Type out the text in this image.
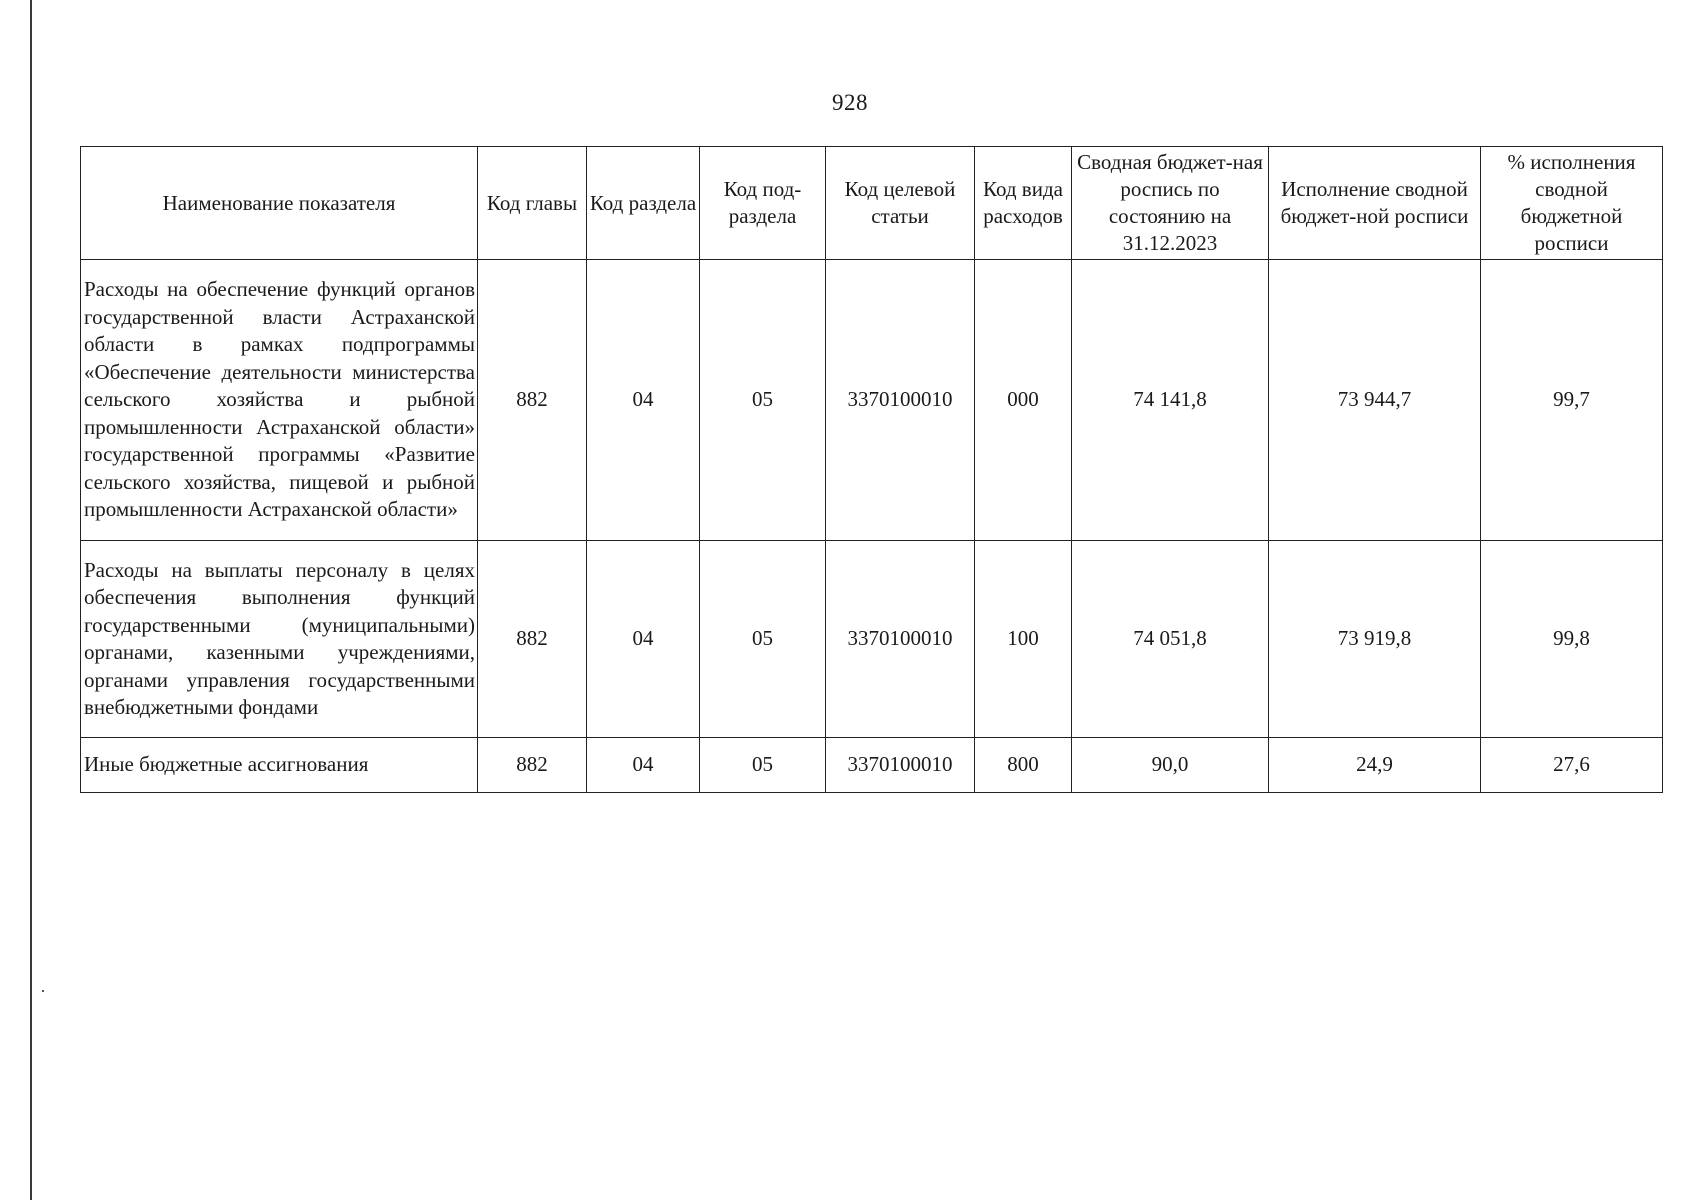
928
Наименование показателя	Код главы	Код раздела	Код под-раздела	Код целевой статьи	Код вида расходов	Сводная бюджет-ная роспись по состоянию на 31.12.2023	Исполнение сводной бюджет-ной росписи	% исполнения сводной бюджетной росписи
Расходы на обеспечение функций органов государственной власти Астраханской области в рамках подпрограммы «Обеспечение деятельности министерства сельского хозяйства и рыбной промышленности Астраханской области» государственной программы «Развитие сельского хозяйства, пищевой и рыбной промышленности Астраханской области»	882	04	05	3370100010	000	74 141,8	73 944,7	99,7
Расходы на выплаты персоналу в целях обеспечения выполнения функций государственными (муниципальными) органами, казенными учреждениями, органами управления государственными внебюджетными фондами	882	04	05	3370100010	100	74 051,8	73 919,8	99,8
Иные бюджетные ассигнования	882	04	05	3370100010	800	90,0	24,9	27,6
